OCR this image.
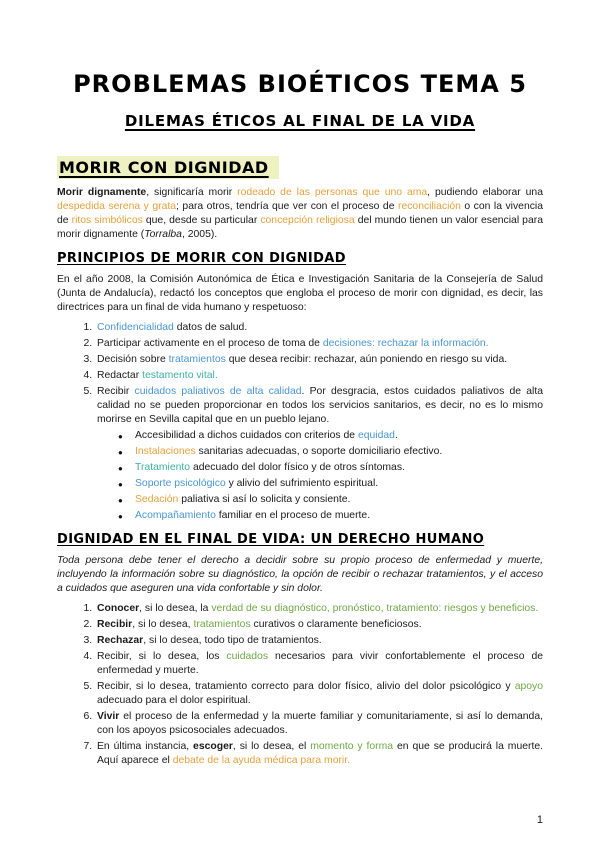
PROBLEMAS BIOÉTICOS TEMA 5
DILEMAS ÉTICOS AL FINAL DE LA VIDA
MORIR CON DIGNIDAD

Morir dignamente, significaría morir rodeado de las personas que uno ama, pudiendo elaborar una despedida serena y grata; para otros, tendría que ver con el proceso de reconciliación o con la vivencia de ritos simbólicos que, desde su particular concepción religiosa del mundo tienen un valor esencial para morir dignamente (Torralba, 2005).

PRINCIPIOS DE MORIR CON DIGNIDAD

En el año 2008, la Comisión Autonómica de Ética e Investigación Sanitaria de la Consejería de Salud (Junta de Andalucía), redactó los conceptos que engloba el proceso de morir con dignidad, es decir, las directrices para un final de vida humano y respetuoso:

1. Confidencialidad datos de salud.
2. Participar activamente en el proceso de toma de decisiones: rechazar la información.
3. Decisión sobre tratamientos que desea recibir: rechazar, aún poniendo en riesgo su vida.
4. Redactar testamento vital.
5. Recibir cuidados paliativos de alta calidad. Por desgracia, estos cuidados paliativos de alta calidad no se pueden proporcionar en todos los servicios sanitarios, es decir, no es lo mismo morirse en Sevilla capital que en un pueblo lejano.
● Accesibilidad a dichos cuidados con criterios de equidad.
● Instalaciones sanitarias adecuadas, o soporte domiciliario efectivo.
● Tratamiento adecuado del dolor físico y de otros síntomas.
● Soporte psicológico y alivio del sufrimiento espiritual.
● Sedación paliativa si así lo solicita y consiente.
● Acompañamiento familiar en el proceso de muerte.
DIGNIDAD EN EL FINAL DE VIDA: UN DERECHO HUMANO

Toda persona debe tener el derecho a decidir sobre su propio proceso de enfermedad y muerte, incluyendo la información sobre su diagnóstico, la opción de recibir o rechazar tratamientos, y el acceso a cuidados que aseguren una vida confortable y sin dolor.

1. Conocer, si lo desea, la verdad de su diagnóstico, pronóstico, tratamiento: riesgos y beneficios.
2. Recibir, si lo desea, tratamientos curativos o claramente beneficiosos.
3. Rechazar, si lo desea, todo tipo de tratamientos.
4. Recibir, si lo desea, los cuidados necesarios para vivir confortablemente el proceso de enfermedad y muerte.
5. Recibir, si lo desea, tratamiento correcto para dolor físico, alivio del dolor psicológico y apoyo adecuado para el dolor espiritual.
6. Vivir el proceso de la enfermedad y la muerte familiar y comunitariamente, si así lo demanda, con los apoyos psicosociales adecuados.
7. En última instancia, escoger, si lo desea, el momento y forma en que se producirá la muerte. Aquí aparece el debate de la ayuda médica para morir.
1
